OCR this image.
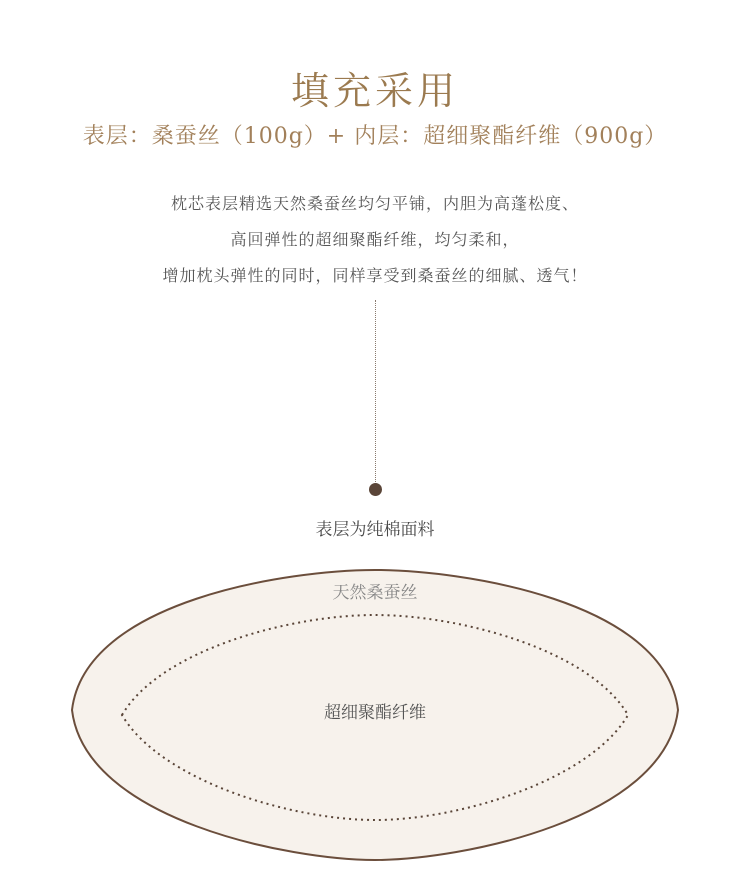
填充采用
表层：桑蚕丝（100g）+ 内层：超细聚酯纤维（900g）
枕芯表层精选天然桑蚕丝均匀平铺，内胆为高蓬松度、
高回弹性的超细聚酯纤维，均匀柔和，
增加枕头弹性的同时，同样享受到桑蚕丝的细腻、透气！
表层为纯棉面料
天然桑蚕丝
超细聚酯纤维
